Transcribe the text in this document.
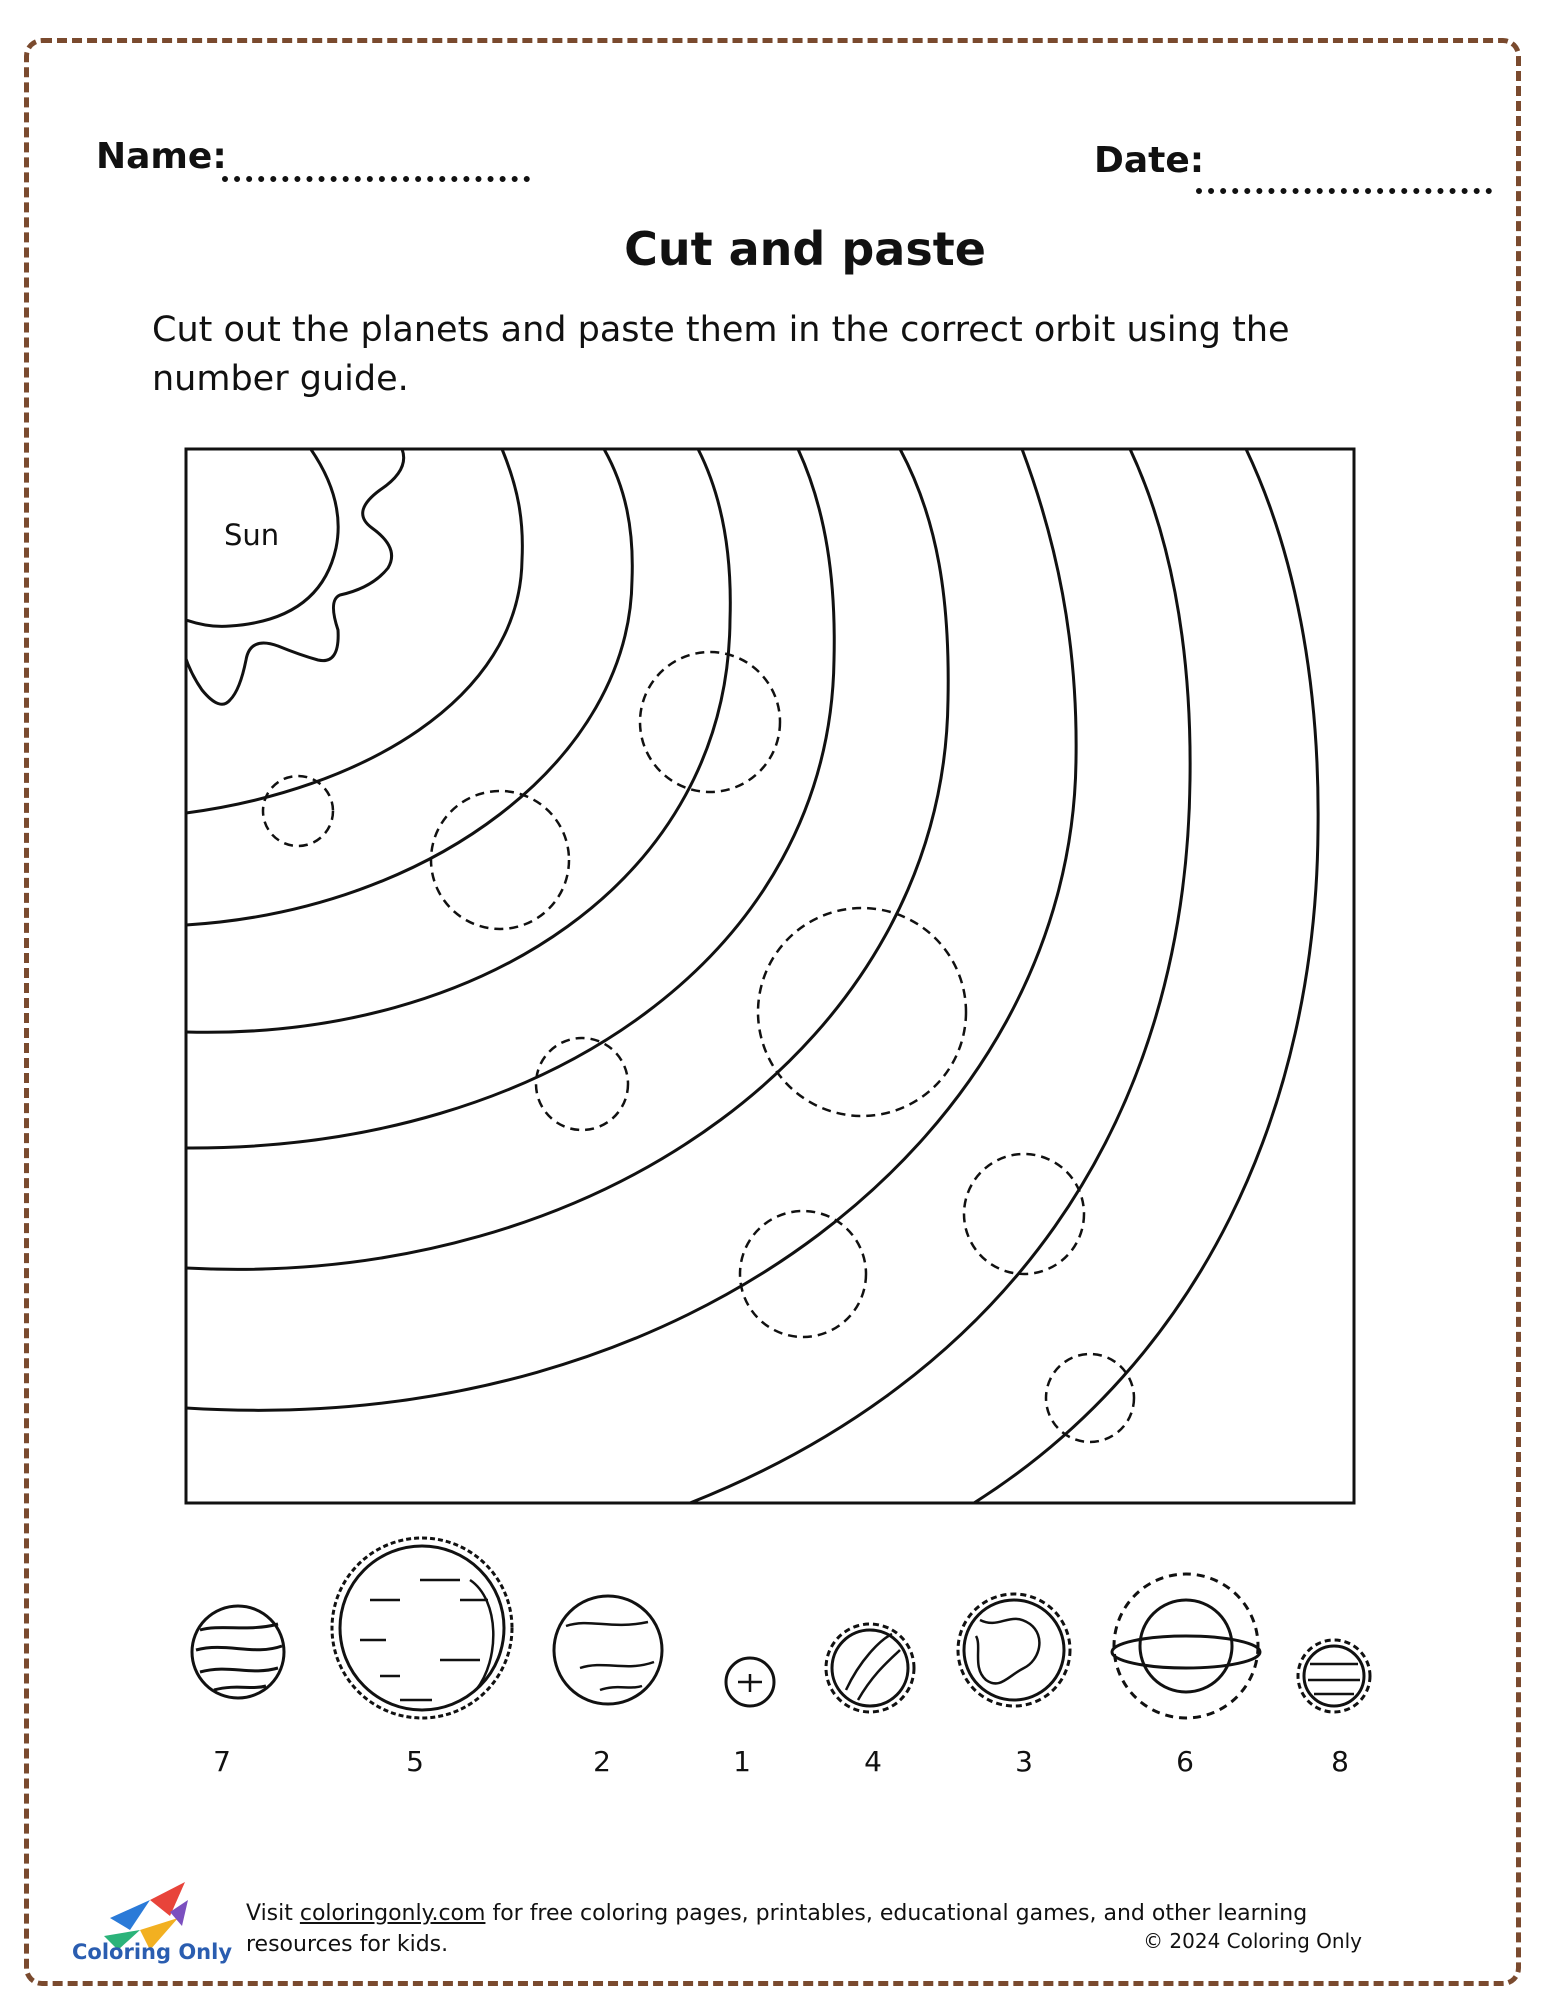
Name:	Date:
Cut and paste
Cut out the planets and paste them in the correct orbit using the number guide.
Sun
7	5	2	1	4	3	6	8
Visit coloringonly.com for free coloring pages, printables, educational games, and other learning resources for kids.	© 2024 Coloring Only
Coloring Only
